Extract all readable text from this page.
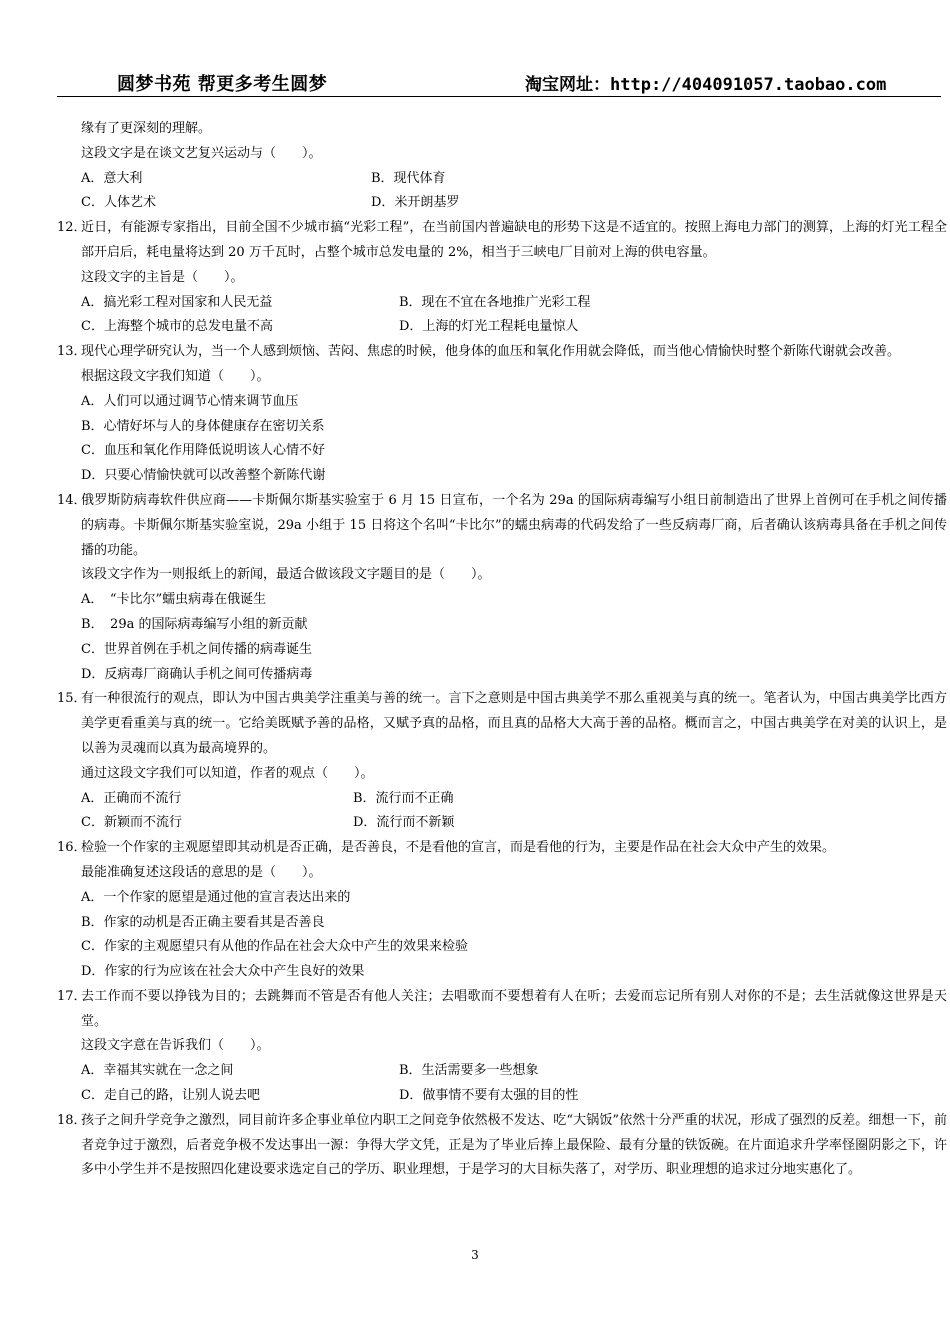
圆梦书苑 帮更多考生圆梦	淘宝网址：http://404091057.taobao.com
缘有了更深刻的理解。
这段文字是在谈文艺复兴运动与（　　）。
A．意大利	B．现代体育
C．人体艺术	D．米开朗基罗
12．
近日，有能源专家指出，目前全国不少城市搞“光彩工程”，在当前国内普遍缺电的形势下这是不适宜的。按照上海电力部门的测算，上海的灯光工程全部开启后，耗电量将达到 20 万千瓦时，占整个城市总发电量的 2%，相当于三峡电厂目前对上海的供电容量。
这段文字的主旨是（　　）。
A．搞光彩工程对国家和人民无益	B．现在不宜在各地推广光彩工程
C．上海整个城市的总发电量不高	D．上海的灯光工程耗电量惊人
13．
现代心理学研究认为，当一个人感到烦恼、苦闷、焦虑的时候，他身体的血压和氧化作用就会降低，而当他心情愉快时整个新陈代谢就会改善。
根据这段文字我们知道（　　）。
A．人们可以通过调节心情来调节血压
B．心情好坏与人的身体健康存在密切关系
C．血压和氧化作用降低说明该人心情不好
D．只要心情愉快就可以改善整个新陈代谢
14．
俄罗斯防病毒软件供应商——卡斯佩尔斯基实验室于 6 月 15 日宣布，一个名为 29a 的国际病毒编写小组日前制造出了世界上首例可在手机之间传播的病毒。卡斯佩尔斯基实验室说，29a 小组于 15 日将这个名叫“卡比尔”的蠕虫病毒的代码发给了一些反病毒厂商，后者确认该病毒具备在手机之间传播的功能。
该段文字作为一则报纸上的新闻，最适合做该段文字题目的是（　　）。
A．　“卡比尔”蠕虫病毒在俄诞生
B．　29a 的国际病毒编写小组的新贡献
C．世界首例在手机之间传播的病毒诞生
D．反病毒厂商确认手机之间可传播病毒
15．
有一种很流行的观点，即认为中国古典美学注重美与善的统一。言下之意则是中国古典美学不那么重视美与真的统一。笔者认为，中国古典美学比西方美学更看重美与真的统一。它给美既赋予善的品格，又赋予真的品格，而且真的品格大大高于善的品格。概而言之，中国古典美学在对美的认识上，是以善为灵魂而以真为最高境界的。
通过这段文字我们可以知道，作者的观点（　　）。
A．正确而不流行	B．流行而不正确
C．新颖而不流行	D．流行而不新颖
16．
检验一个作家的主观愿望即其动机是否正确，是否善良，不是看他的宣言，而是看他的行为，主要是作品在社会大众中产生的效果。
最能准确复述这段话的意思的是（　　）。
A．一个作家的愿望是通过他的宣言表达出来的
B．作家的动机是否正确主要看其是否善良
C．作家的主观愿望只有从他的作品在社会大众中产生的效果来检验
D．作家的行为应该在社会大众中产生良好的效果
17．
去工作而不要以挣钱为目的；去跳舞而不管是否有他人关注；去唱歌而不要想着有人在听；去爱而忘记所有别人对你的不是；去生活就像这世界是天堂。
这段文字意在告诉我们（　　）。
A．幸福其实就在一念之间	B．生活需要多一些想象
C．走自己的路，让别人说去吧	D．做事情不要有太强的目的性
18．
孩子之间升学竞争之激烈，同目前许多企事业单位内职工之间竞争依然极不发达、吃“大锅饭”依然十分严重的状况，形成了强烈的反差。细想一下，前者竞争过于激烈，后者竞争极不发达事出一源：争得大学文凭，正是为了毕业后捧上最保险、最有分量的铁饭碗。在片面追求升学率怪圈阴影之下，许多中小学生并不是按照四化建设要求选定自己的学历、职业理想，于是学习的大目标失落了，对学历、职业理想的追求过分地实惠化了。
3
